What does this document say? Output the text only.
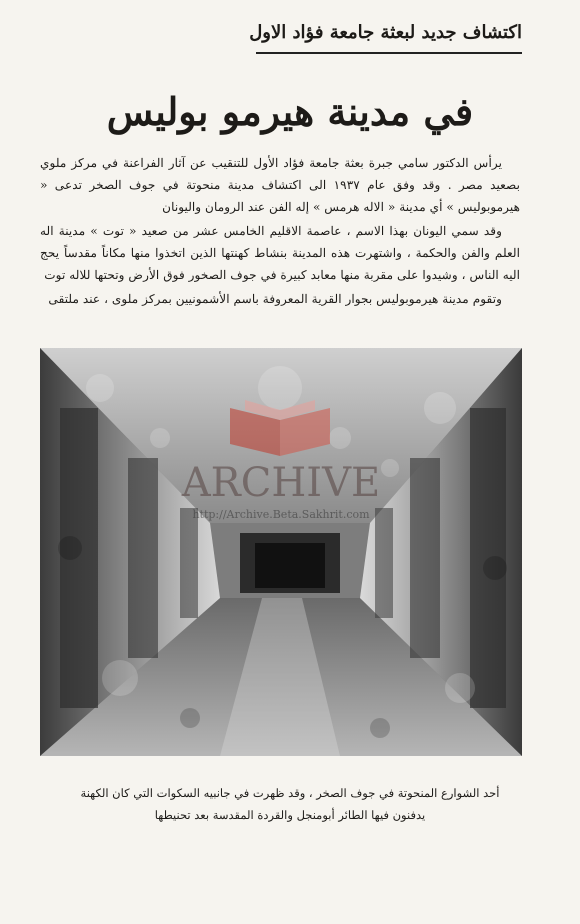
اكتشاف جديد لبعثة جامعة فؤاد الاول
في مدينة هيرمو بوليس

يرأس الدكتور سامي جبرة بعثة جامعة فؤاد الأول للتنقيب عن آثار الفراعنة في مركز ملوي بصعيد مصر . وقد وفق عام ١٩٣٧ الى اكتشاف مدينة منحوتة في جوف الصخر تدعى « هيرموبوليس » أي مدينة « الاله هرمس » إله الفن عند الرومان واليونان

وقد سمي اليونان بهذا الاسم ، عاصمة الاقليم الخامس عشر من صعيد « توت » مدينة اله العلم والفن والحكمة ، واشتهرت هذه المدينة بنشاط كهنتها الذين اتخذوا منها مكاناً مقدساً يحج اليه الناس ، وشيدوا على مقربة منها معابد كبيرة في جوف الصخور فوق الأرض وتحتها للاله توت

وتقوم مدينة هيرموبوليس بجوار القرية المعروفة باسم الأشمونيين بمركز ملوى ، عند ملتقى

ARCHIVE
http://Archive.Beta.Sakhrit.com
أحد الشوارع المنحوتة في جوف الصخر ، وقد ظهرت في جانبيه السكوات التي كان الكهنة
يدفنون فيها الطائر أبومنجل والقردة المقدسة بعد تحنيطها
